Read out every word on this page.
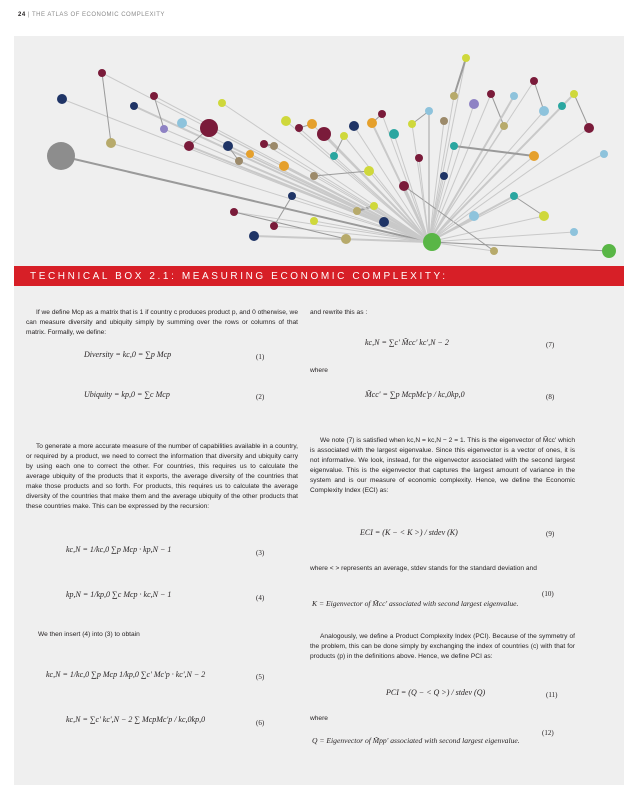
24 | THE ATLAS OF ECONOMIC COMPLEXITY
TECHNICAL BOX 2.1: MEASURING ECONOMIC COMPLEXITY:
If we define Mcp as a matrix that is 1 if country c produces product p, and 0 otherwise, we can measure diversity and ubiquity simply by summing over the rows or columns of that matrix. Formally, we define:
Diversity = kc,0 = ∑p Mcp	(1)
Ubiquity = kp,0 = ∑c Mcp	(2)
To generate a more accurate measure of the number of capabilities available in a country, or required by a product, we need to correct the information that diversity and ubiquity carry by using each one to correct the other. For countries, this requires us to calculate the average ubiquity of the products that it exports, the average diversity of the countries that make those products and so forth. For products, this requires us to calculate the average diversity of the countries that make them and the average ubiquity of the other products that these countries make. This can be expressed by the recursion:
kc,N = 1/kc,0 ∑p Mcp · kp,N − 1	(3)
kp,N = 1/kp,0 ∑c Mcp · kc,N − 1	(4)
We then insert (4) into (3) to obtain
kc,N = 1/kc,0 ∑p Mcp 1/kp,0 ∑c' Mc'p · kc',N − 2	(5)
kc,N = ∑c' kc',N − 2 ∑ McpMc'p / kc,0kp,0	(6)
and rewrite this as :
kc,N = ∑c' M̃cc' kc',N − 2	(7)
where
M̃cc' = ∑p McpMc'p / kc,0kp,0	(8)
We note (7) is satisfied when kc,N = kc,N − 2 = 1. This is the eigenvector of M̃cc' which is associated with the largest eigenvalue. Since this eigenvector is a vector of ones, it is not informative. We look, instead, for the eigenvector associated with the second largest eigenvalue. This is the eigenvector that captures the largest amount of variance in the system and is our measure of economic complexity. Hence, we define the Economic Complexity Index (ECI) as:
ECI = (K − < K >) / stdev (K)	(9)
where < > represents an average, stdev stands for the standard deviation and
(10)
K = Eigenvector of M̃cc' associated with second largest eigenvalue.
Analogously, we define a Product Complexity Index (PCI). Because of the symmetry of the problem, this can be done simply by exchanging the index of countries (c) with that for products (p) in the definitions above. Hence, we define PCI as:
PCI = (Q − < Q >) / stdev (Q)	(11)
where
(12)
Q = Eigenvector of M̃pp' associated with second largest eigenvalue.
